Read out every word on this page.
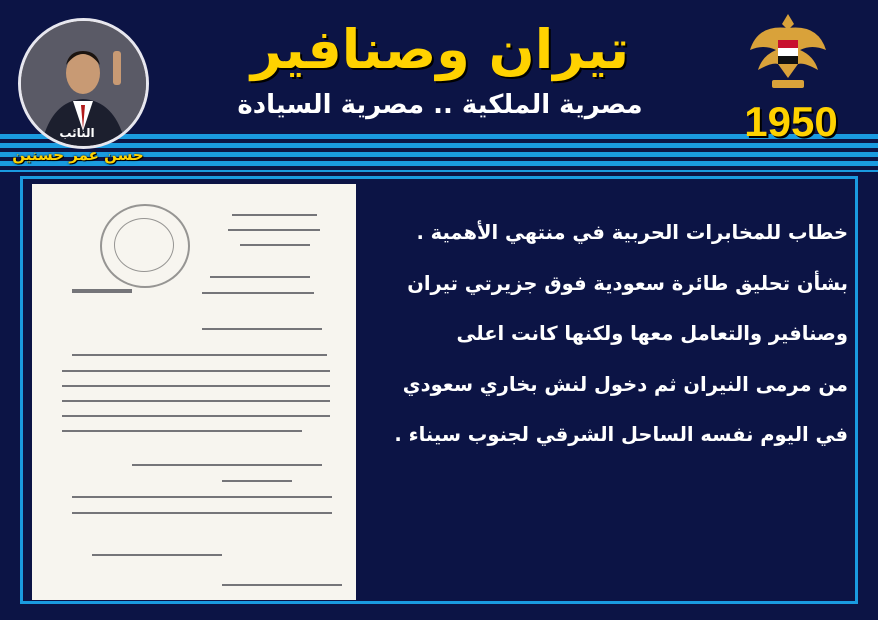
النائب
حسن عمر حسنين
تيران وصنافير
مصرية الملكية .. مصرية السيادة	1950
خطاب للمخابرات الحربية في منتهي الأهمية .
بشأن تحليق طائرة سعودية فوق جزيرتي تيران
وصنافير والتعامل معها ولكنها كانت اعلى
من مرمى النيران ثم دخول لنش بخاري سعودي
في اليوم نفسه الساحل الشرقي لجنوب سيناء .
